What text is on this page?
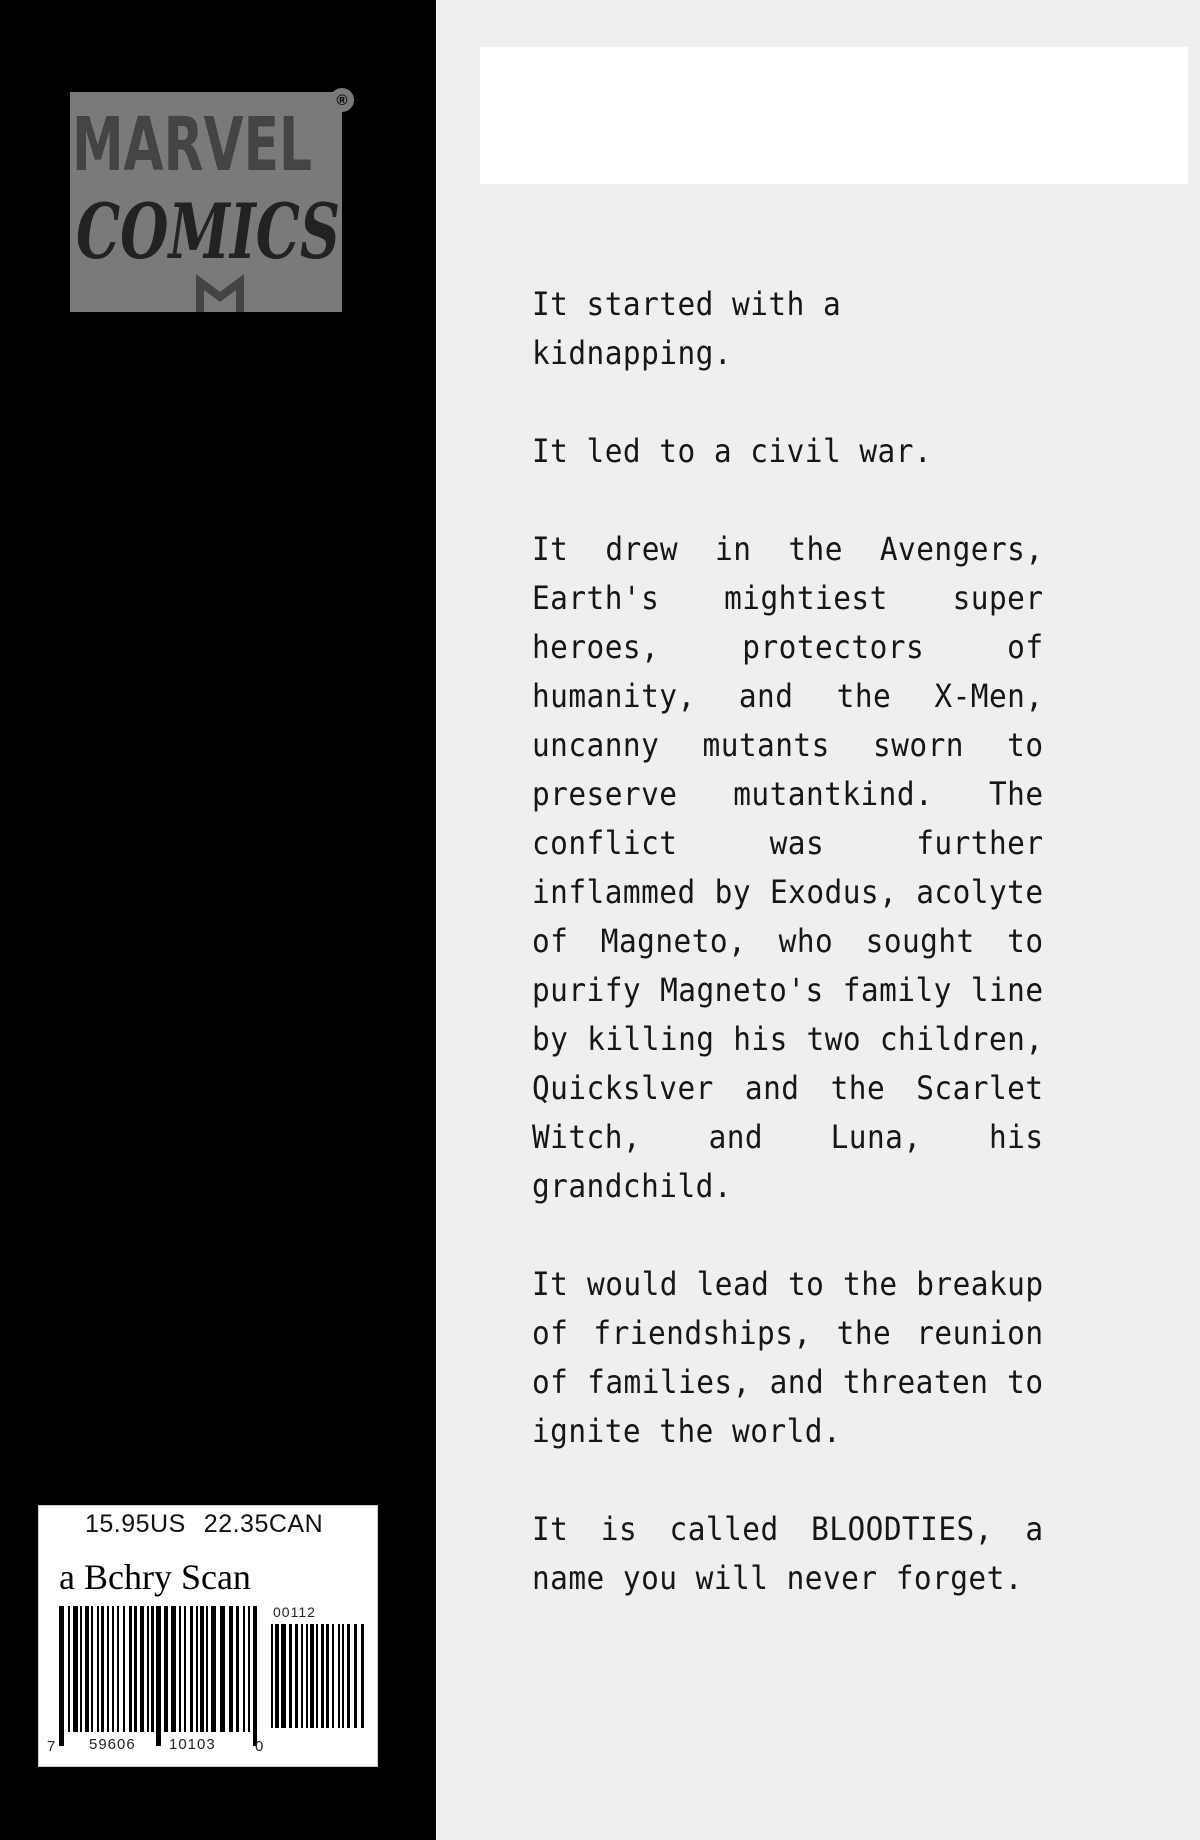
MARVEL
COMICS
®

It started with a kidnapping.

It led to a civil war.

It drew in the Avengers, Earth's mightiest super heroes, protectors of humanity, and the X-Men, uncanny mutants sworn to preserve mutantkind. The conflict was further inflammed by Exodus, acolyte of Magneto, who sought to purify Magneto's family line by killing his two children, Quickslver and the Scarlet Witch, and Luna, his grandchild.

It would lead to the breakup of friendships, the reunion of families, and threaten to ignite the world.

It is called BLOODTIES, a name you will never forget.

15.95US 22.35CAN
a Bchry Scan
00112
7 59606 10103	0
